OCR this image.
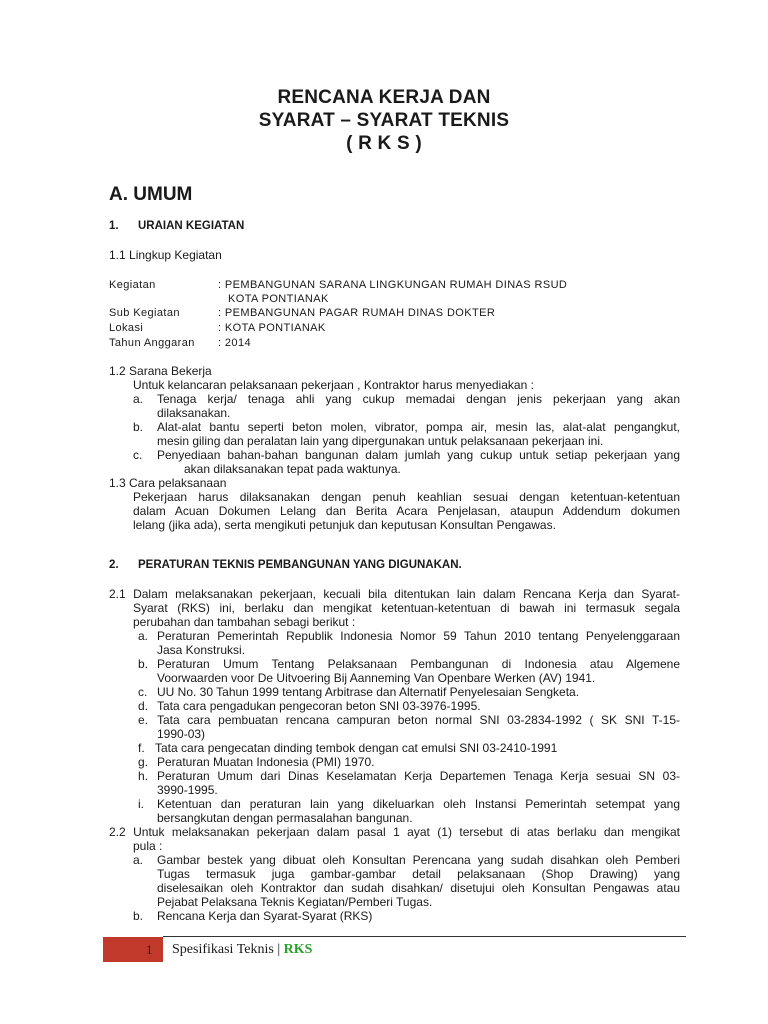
RENCANA KERJA DAN
SYARAT – SYARAT TEKNIS
( R K S )
A. UMUM
1. URAIAN KEGIATAN
1.1 Lingkup Kegiatan
Kegiatan	: PEMBANGUNAN SARANA LINGKUNGAN RUMAH DINAS RSUD
KOTA PONTIANAK
Sub Kegiatan	: PEMBANGUNAN PAGAR RUMAH DINAS DOKTER
Lokasi	: KOTA PONTIANAK
Tahun Anggaran : 2014
1.2 Sarana Bekerja
Untuk kelancaran pelaksanaan pekerjaan , Kontraktor harus menyediakan :
a. Tenaga kerja/ tenaga ahli yang cukup memadai dengan jenis pekerjaan yang akan
dilaksanakan.
b. Alat-alat bantu seperti beton molen, vibrator, pompa air, mesin las, alat-alat pengangkut,
mesin giling dan peralatan lain yang dipergunakan untuk pelaksanaan pekerjaan ini.
c. Penyediaan bahan-bahan bangunan dalam jumlah yang cukup untuk setiap pekerjaan yang
akan dilaksanakan tepat pada waktunya.
1.3 Cara pelaksanaan
Pekerjaan harus dilaksanakan dengan penuh keahlian sesuai dengan ketentuan-ketentuan
dalam Acuan Dokumen Lelang dan Berita Acara Penjelasan, ataupun Addendum dokumen
lelang (jika ada), serta mengikuti petunjuk dan keputusan Konsultan Pengawas.
2. PERATURAN TEKNIS PEMBANGUNAN YANG DIGUNAKAN.
2.1 Dalam melaksanakan pekerjaan, kecuali bila ditentukan lain dalam Rencana Kerja dan Syarat-
Syarat (RKS) ini, berlaku dan mengikat ketentuan-ketentuan di bawah ini termasuk segala
perubahan dan tambahan sebagi berikut :
a. Peraturan Pemerintah Republik Indonesia Nomor 59 Tahun 2010 tentang Penyelenggaraan
Jasa Konstruksi.
b. Peraturan Umum Tentang Pelaksanaan Pembangunan di Indonesia atau Algemene
Voorwaarden voor De Uitvoering Bij Aanneming Van Openbare Werken (AV) 1941.
c. UU No. 30 Tahun 1999 tentang Arbitrase dan Alternatif Penyelesaian Sengketa.
d. Tata cara pengadukan pengecoran beton SNI 03-3976-1995.
e. Tata cara pembuatan rencana campuran beton normal SNI 03-2834-1992 ( SK SNI T-15-
1990-03)
f. Tata cara pengecatan dinding tembok dengan cat emulsi SNI 03-2410-1991
g. Peraturan Muatan Indonesia (PMI) 1970.
h. Peraturan Umum dari Dinas Keselamatan Kerja Departemen Tenaga Kerja sesuai SN 03-
3990-1995.
i. Ketentuan dan peraturan lain yang dikeluarkan oleh Instansi Pemerintah setempat yang
bersangkutan dengan permasalahan bangunan.
2.2 Untuk melaksanakan pekerjaan dalam pasal 1 ayat (1) tersebut di atas berlaku dan mengikat
pula :
a. Gambar bestek yang dibuat oleh Konsultan Perencana yang sudah disahkan oleh Pemberi
Tugas termasuk juga gambar-gambar detail pelaksanaan (Shop Drawing) yang
diselesaikan oleh Kontraktor dan sudah disahkan/ disetujui oleh Konsultan Pengawas atau
Pejabat Pelaksana Teknis Kegiatan/Pemberi Tugas.
b. Rencana Kerja dan Syarat-Syarat (RKS)
1 Spesifikasi Teknis | RKS
